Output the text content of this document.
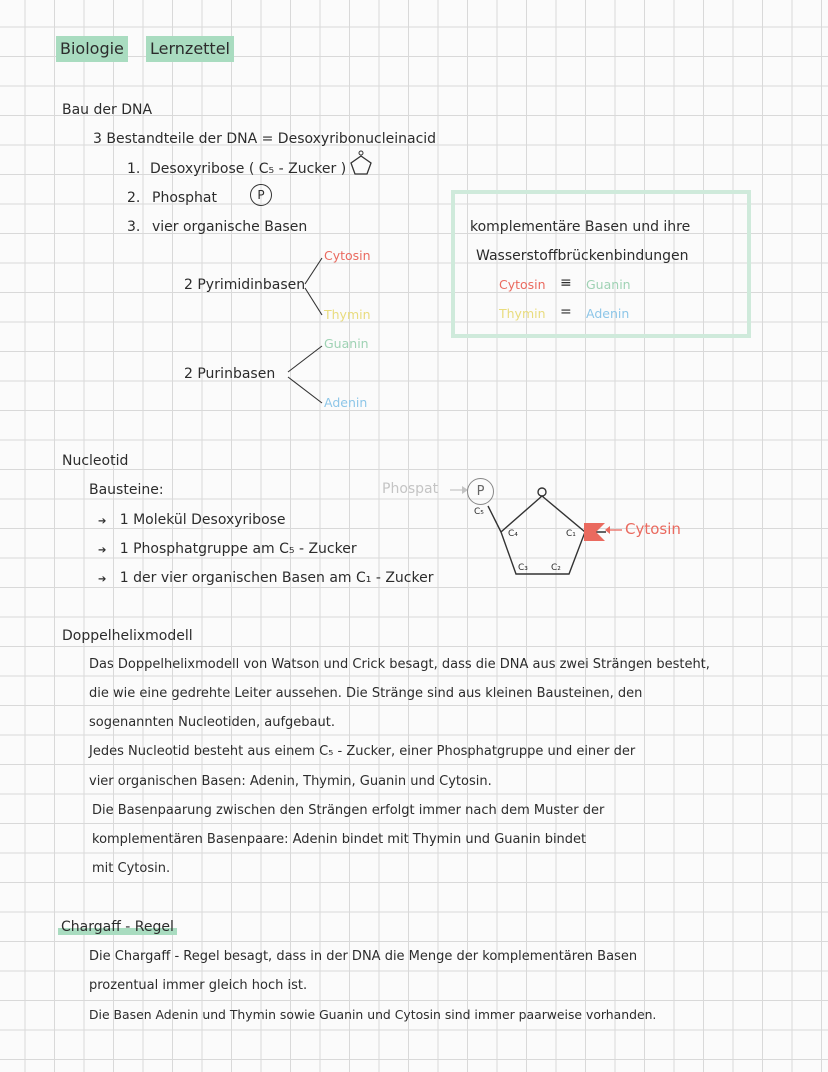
Biologie Lernzettel
Bau der DNA
3 Bestandteile der DNA = Desoxyribonucleinacid
1. Desoxyribose ( C₅ - Zucker )
2. Phosphat	P
3. vier organische Basen
2 Pyrimidinbasen
Cytosin
Thymin
2 Purinbasen
Guanin
Adenin
komplementäre Basen und ihre
Wasserstoffbrückenbindungen
Cytosin ≡ Guanin
Thymin = Adenin
Nucleotid
Bausteine:
➔ 1 Molekül Desoxyribose
➔ 1 Phosphatgruppe am C₅ - Zucker
➔ 1 der vier organischen Basen am C₁ - Zucker
Phospat	P
C₅
C₄	C₁
C₃	C₂
Cytosin
Doppelhelixmodell
Das Doppelhelixmodell von Watson und Crick besagt, dass die DNA aus zwei Strängen besteht,
die wie eine gedrehte Leiter aussehen. Die Stränge sind aus kleinen Bausteinen, den
sogenannten Nucleotiden, aufgebaut.
Jedes Nucleotid besteht aus einem C₅ - Zucker, einer Phosphatgruppe und einer der
vier organischen Basen: Adenin, Thymin, Guanin und Cytosin.
Die Basenpaarung zwischen den Strängen erfolgt immer nach dem Muster der
komplementären Basenpaare: Adenin bindet mit Thymin und Guanin bindet
mit Cytosin.
Chargaff - Regel
Die Chargaff - Regel besagt, dass in der DNA die Menge der komplementären Basen
prozentual immer gleich hoch ist.
Die Basen Adenin und Thymin sowie Guanin und Cytosin sind immer paarweise vorhanden.
